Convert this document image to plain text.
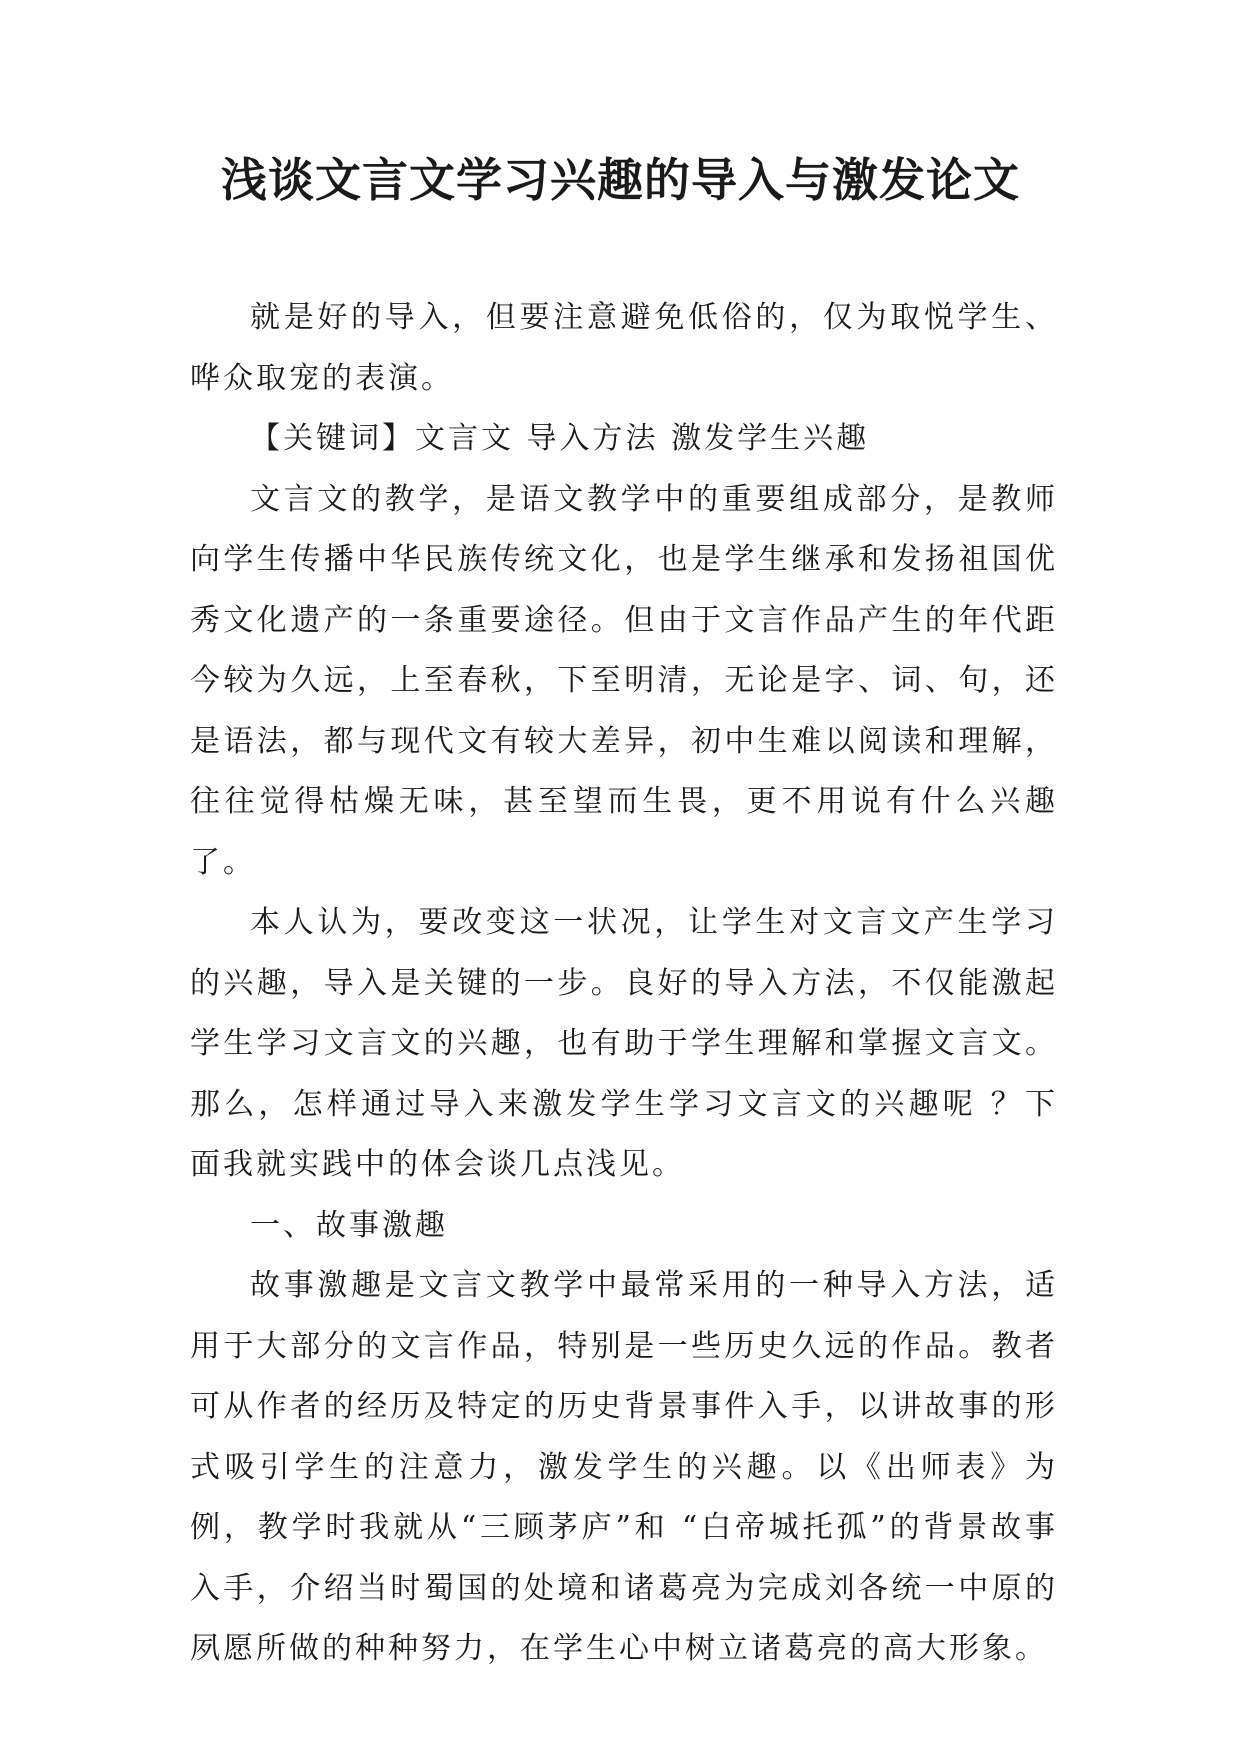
浅谈文言文学习兴趣的导入与激发论文

就是好的导入，但要注意避免低俗的，仅为取悦学生、哗众取宠的表演。

【关键词】文言文 导入方法 激发学生兴趣

文言文的教学，是语文教学中的重要组成部分，是教师向学生传播中华民族传统文化，也是学生继承和发扬祖国优秀文化遗产的一条重要途径。但由于文言作品产生的年代距今较为久远，上至春秋，下至明清，无论是字、词、句，还是语法，都与现代文有较大差异，初中生难以阅读和理解，往往觉得枯燥无味，甚至望而生畏，更不用说有什么兴趣了。

本人认为，要改变这一状况，让学生对文言文产生学习的兴趣，导入是关键的一步。良好的导入方法，不仅能激起学生学习文言文的兴趣，也有助于学生理解和掌握文言文。那么，怎样通过导入来激发学生学习文言文的兴趣呢 ？下面我就实践中的体会谈几点浅见。

一、故事激趣

故事激趣是文言文教学中最常采用的一种导入方法，适用于大部分的文言作品，特别是一些历史久远的作品。教者可从作者的经历及特定的历史背景事件入手，以讲故事的形式吸引学生的注意力，激发学生的兴趣。以《出师表》为例，教学时我就从“三顾茅庐”和 “白帝城托孤”的背景故事入手，介绍当时蜀国的处境和诸葛亮为完成刘各统一中原的夙愿所做的种种努力，在学生心中树立诸葛亮的高大形象。
